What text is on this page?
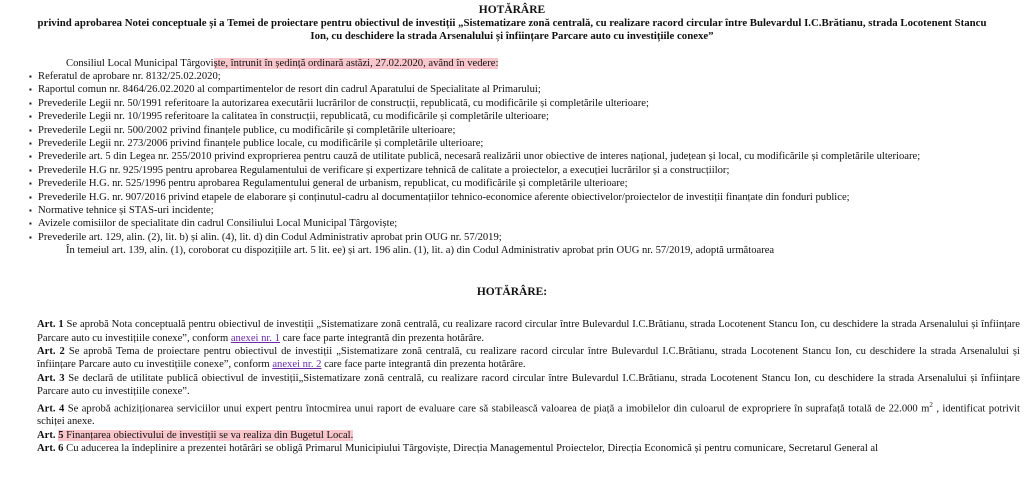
HOTĂRÂRE
privind aprobarea Notei conceptuale și a Temei de proiectare pentru obiectivul de investiții „Sistematizare zonă centrală, cu realizare racord circular între Bulevardul I.C.Brătianu, strada Locotenent Stancu Ion, cu deschidere la strada Arsenalului și înființare Parcare auto cu investițiile conexe”
Consiliul Local Municipal Târgoviște, întrunit în ședință ordinară astăzi, 27.02.2020, având în vedere:
▪ Referatul de aprobare nr. 8132/25.02.2020;
▪ Raportul comun nr. 8464/26.02.2020 al compartimentelor de resort din cadrul Aparatului de Specialitate al Primarului;
▪ Prevederile Legii nr. 50/1991 referitoare la autorizarea executării lucrărilor de construcții, republicată, cu modificările și completările ulterioare;
▪ Prevederile Legii nr. 10/1995 referitoare la calitatea în construcții, republicată, cu modificările și completările ulterioare;
▪ Prevederile Legii nr. 500/2002 privind finanțele publice, cu modificările și completările ulterioare;
▪ Prevederile Legii nr. 273/2006 privind finanțele publice locale, cu modificările și completările ulterioare;
▪ Prevederile art. 5 din Legea nr. 255/2010 privind exproprierea pentru cauză de utilitate publică, necesară realizării unor obiective de interes național, județean și local, cu modificările și completările ulterioare;
▪ Prevederile H.G nr. 925/1995 pentru aprobarea Regulamentului de verificare și expertizare tehnică de calitate a proiectelor, a execuției lucrărilor și a construcțiilor;
▪ Prevederile H.G. nr. 525/1996 pentru aprobarea Regulamentului general de urbanism, republicat, cu modificările și completările ulterioare;
▪ Prevederile H.G. nr. 907/2016 privind etapele de elaborare și conținutul-cadru al documentațiilor tehnico-economice aferente obiectivelor/proiectelor de investiții finanțate din fonduri publice;
▪ Normative tehnice și STAS-uri incidente;
▪ Avizele comisiilor de specialitate din cadrul Consiliului Local Municipal Târgoviște;
▪ Prevederile art. 129, alin. (2), lit. b) și alin. (4), lit. d) din Codul Administrativ aprobat prin OUG nr. 57/2019;
În temeiul art. 139, alin. (1), coroborat cu dispozițiile art. 5 lit. ee) și art. 196 alin. (1), lit. a) din Codul Administrativ aprobat prin OUG nr. 57/2019, adoptă următoarea
HOTĂRÂRE:

Art. 1 Se aprobă Nota conceptuală pentru obiectivul de investiții „Sistematizare zonă centrală, cu realizare racord circular între Bulevardul I.C.Brătianu, strada Locotenent Stancu Ion, cu deschidere la strada Arsenalului și înființare Parcare auto cu investițiile conexe”, conform anexei nr. 1 care face parte integrantă din prezenta hotărâre.

Art. 2 Se aprobă Tema de proiectare pentru obiectivul de investiții „Sistematizare zonă centrală, cu realizare racord circular între Bulevardul I.C.Brătianu, strada Locotenent Stancu Ion, cu deschidere la strada Arsenalului și înființare Parcare auto cu investițiile conexe”, conform anexei nr. 2 care face parte integrantă din prezenta hotărâre.

Art. 3 Se declară de utilitate publică obiectivul de investiții„Sistematizare zonă centrală, cu realizare racord circular între Bulevardul I.C.Brătianu, strada Locotenent Stancu Ion, cu deschidere la strada Arsenalului și înființare Parcare auto cu investițiile conexe”.

Art. 4 Se aprobă achiziționarea serviciilor unui expert pentru întocmirea unui raport de evaluare care să stabilească valoarea de piață a imobilelor din culoarul de expropriere în suprafață totală de 22.000 $m^2$ , identificat potrivit schiței anexe.

Art. 5 Finanțarea obiectivului de investiții se va realiza din Bugetul Local.

Art. 6 Cu aducerea la îndeplinire a prezentei hotărâri se obligă Primarul Municipiului Târgoviște, Direcția Managementul Proiectelor, Direcția Economică și pentru comunicare, Secretarul General al
